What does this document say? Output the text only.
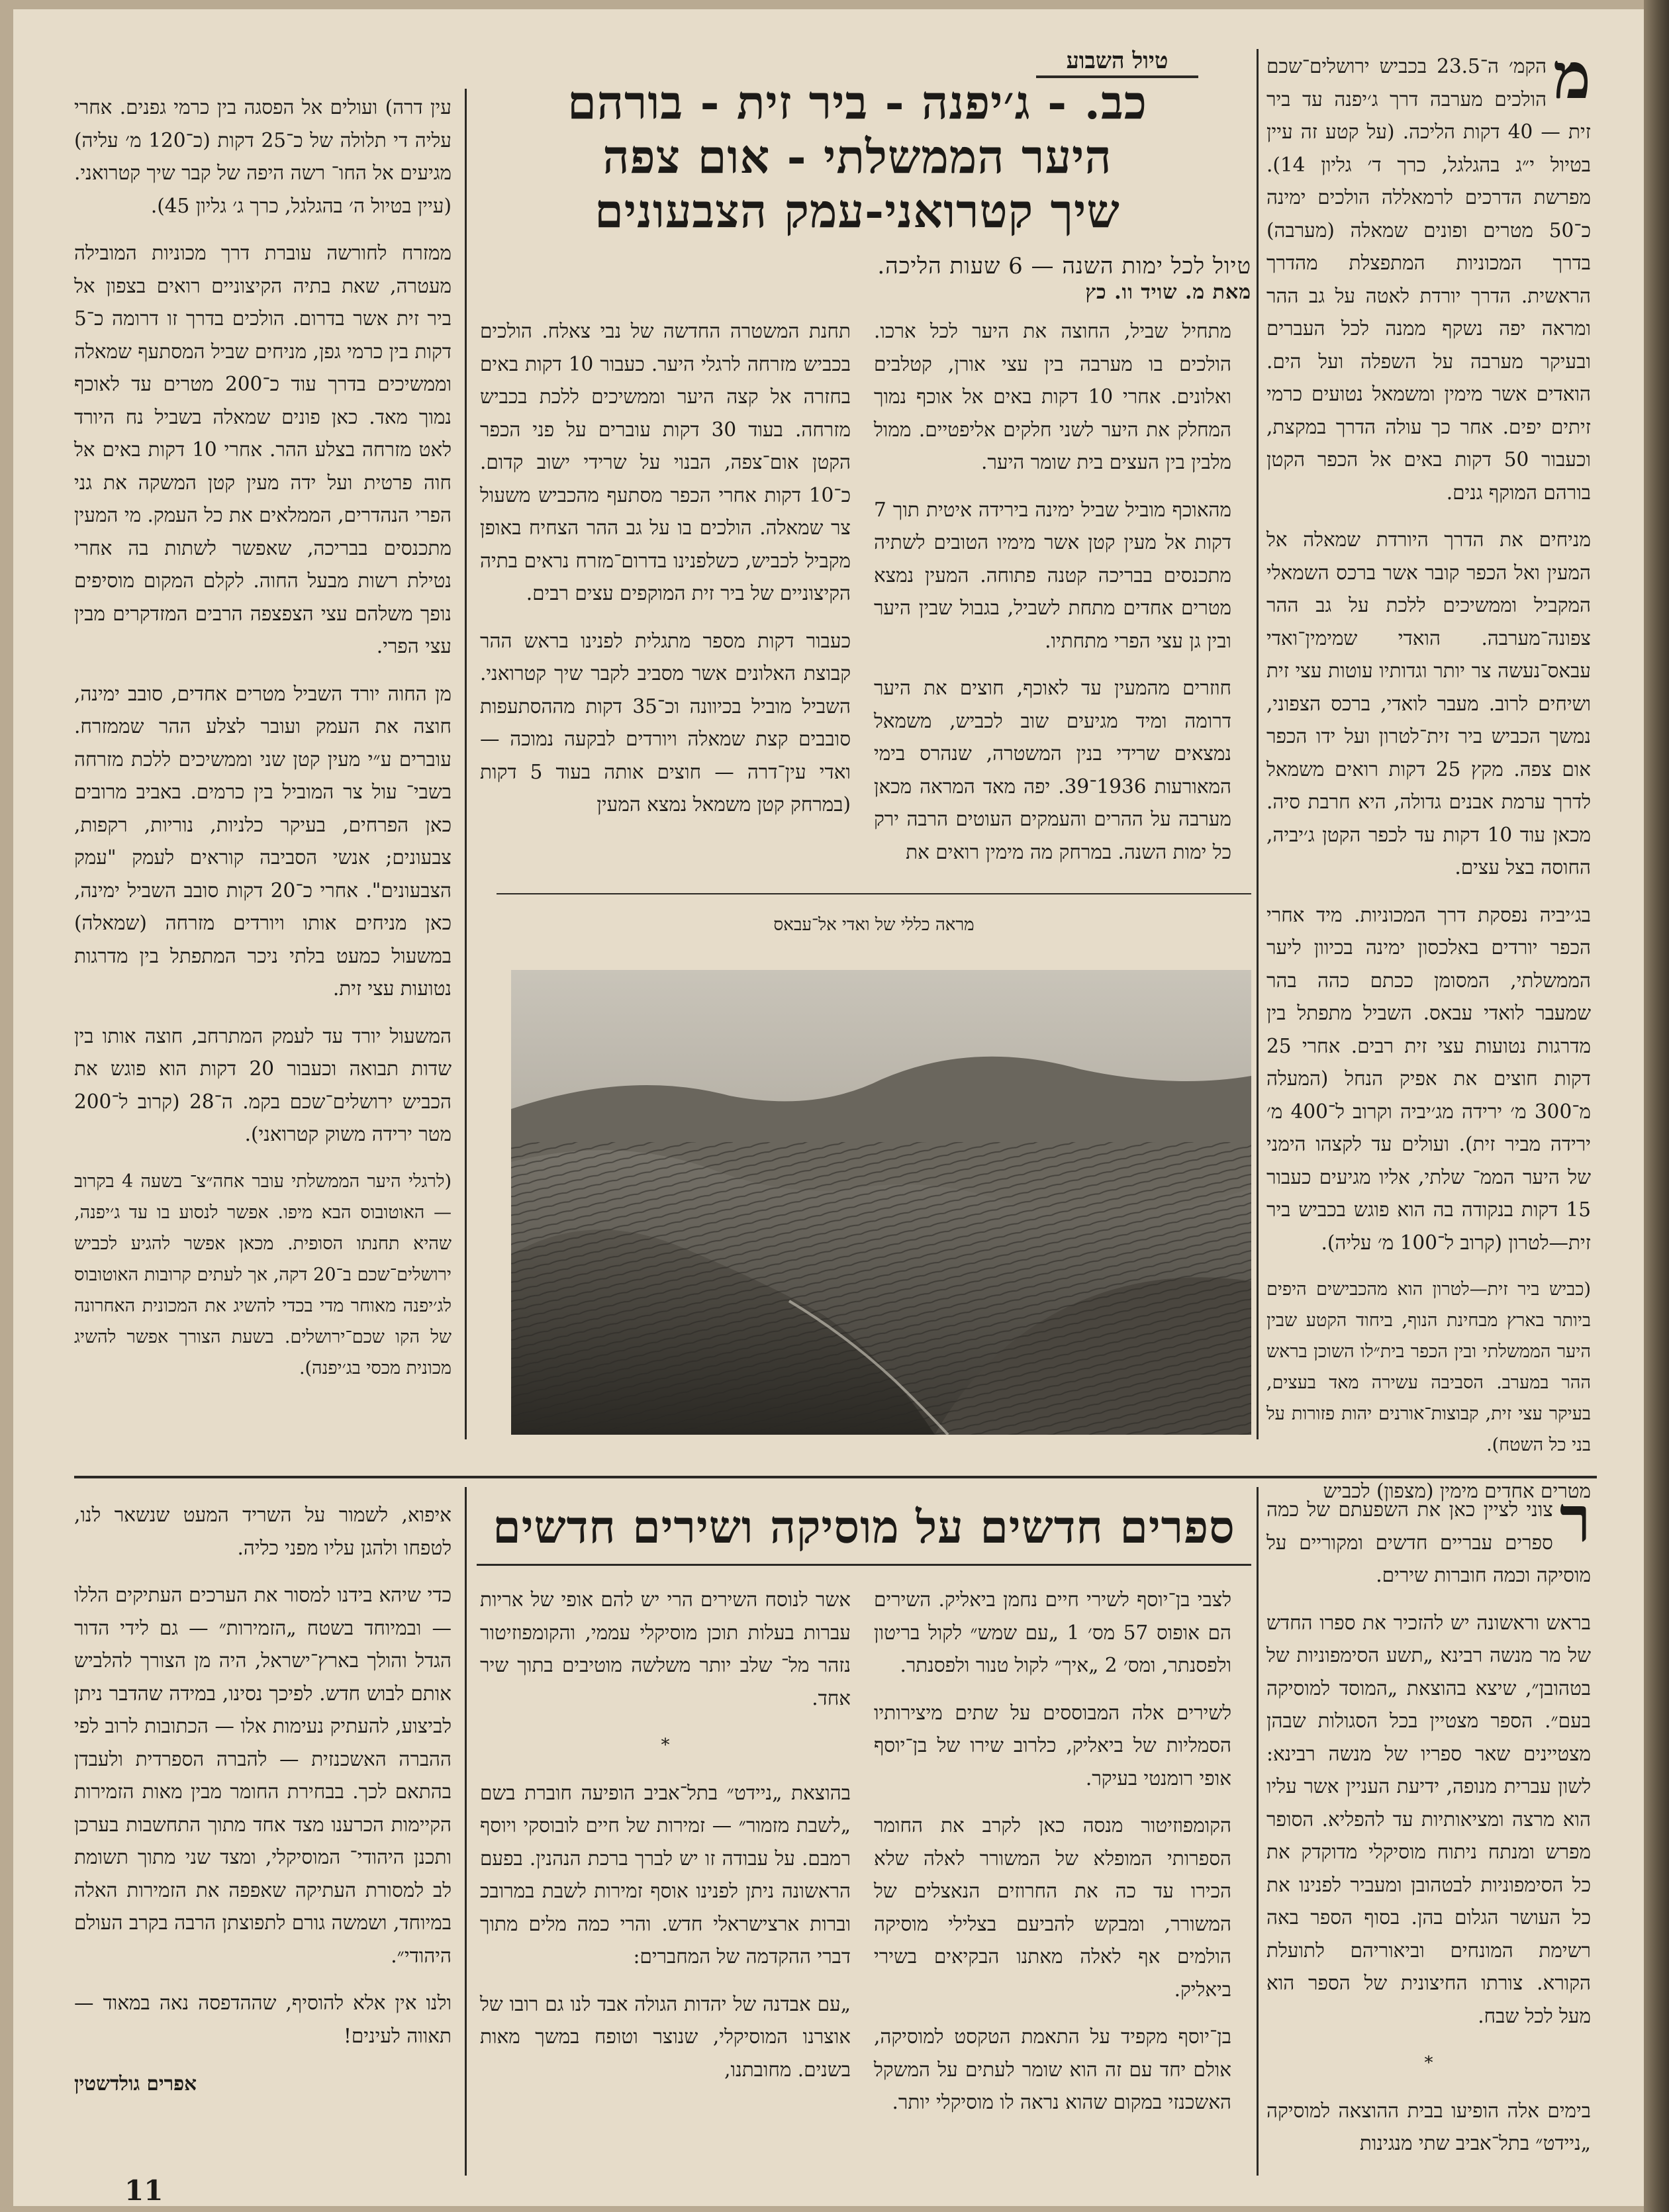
טיול השבוע
כב. - ג׳יפנה - ביר זית - בורהם
היער הממשלתי - אום צפה
שיך קטרואני-עמק הצבעונים
טיול לכל ימות השנה — 6 שעות הליכה.
מאת מ. שויד וו. כץ

מ
הקמ׳ ה־23.5 בכביש ירושלים־שכם הולכים מערבה דרך ג׳יפנה עד ביר זית — 40 דקות הליכה. (על קטע זה עיין בטיול י״ג בהגלגל, כרך ד׳ גליון 14). מפרשת הדרכים לרמאללה הולכים ימינה כ־50 מטרים ופונים שמאלה (מערבה) בדרך המכוניות המתפצלת מהדרך הראשית. הדרך יורדת לאטה על גב ההר ומראה יפה נשקף ממנה לכל העברים ובעיקר מערבה על השפלה ועל הים. הואדים אשר מימין ומשמאל נטועים כרמי זיתים יפים. אחר כך עולה הדרך במקצת, וכעבור 50 דקות באים אל הכפר הקטן בורהם המוקף גנים.

מניחים את הדרך היורדת שמאלה אל המעין ואל הכפר קובר אשר ברכס השמאלי המקביל וממשיכים ללכת על גב ההר צפונה־מערבה. הואדי שמימין־ואדי עבאס־נעשה צר יותר וגדותיו עוטות עצי זית ושיחים לרוב. מעבר לואדי, ברכס הצפוני, נמשך הכביש ביר זית־לטרון ועל ידו הכפר אום צפה. מקץ 25 דקות רואים משמאל לדרך ערמת אבנים גדולה, היא חרבת סיה. מכאן עוד 10 דקות עד לכפר הקטן ג׳יביה, החוסה בצל עצים.

בג׳יביה נפסקת דרך המכוניות. מיד אחרי הכפר יורדים באלכסון ימינה בכיוון ליער הממשלתי, המסומן ככתם כהה בהר שמעבר לואדי עבאס. השביל מתפתל בין מדרגות נטועות עצי זית רבים. אחרי 25 דקות חוצים את אפיק הנחל (המעלה מ־300 מ׳ ירידה מג׳יביה וקרוב ל־400 מ׳ ירידה מביר זית). ועולים עד לקצהו הימני של היער הממ־ שלתי, אליו מגיעים כעבור 15 דקות בנקודה בה הוא פוגש בכביש ביר זית—לטרון (קרוב ל־100 מ׳ עליה).

(כביש ביר זית—לטרון הוא מהכבישים היפים ביותר בארץ מבחינת הנוף, ביחוד הקטע שבין היער הממשלתי ובין הכפר בית״לו השוכן בראש ההר במערב. הסביבה עשירה מאד בעצים, בעיקר עצי זית, קבוצות־אורנים יהות פזורות על בני כל השטח).

מטרים אחדים מימין (מצפון) לכביש

מתחיל שביל, החוצה את היער לכל ארכו. הולכים בו מערבה בין עצי אורן, קטלבים ואלונים. אחרי 10 דקות באים אל אוכף נמוך המחלק את היער לשני חלקים אליפטיים. ממול מלבין בין העצים בית שומר היער.

מהאוכף מוביל שביל ימינה בירידה איטית תוך 7 דקות אל מעין קטן אשר מימיו הטובים לשתיה מתכנסים בבריכה קטנה פתוחה. המעין נמצא מטרים אחדים מתחת לשביל, בגבול שבין היער ובין גן עצי הפרי מתחתיו.

חוזרים מהמעין עד לאוכף, חוצים את היער דרומה ומיד מגיעים שוב לכביש, משמאל נמצאים שרידי בנין המשטרה, שנהרס בימי המאורעות 1936־39. יפה מאד המראה מכאן מערבה על ההרים והעמקים העוטים הרבה ירק כל ימות השנה. במרחק מה מימין רואים את

תחנת המשטרה החדשה של נבי צאלח. הולכים בכביש מזרחה לרגלי היער. כעבור 10 דקות באים בחזרה אל קצה היער וממשיכים ללכת בכביש מזרחה. בעוד 30 דקות עוברים על פני הכפר הקטן אום־צפה, הבנוי על שרידי ישוב קדום. כ־10 דקות אחרי הכפר מסתעף מהכביש משעול צר שמאלה. הולכים בו על גב ההר הצחיח באופן מקביל לכביש, כשלפנינו בדרום־מזרח נראים בתיה הקיצוניים של ביר זית המוקפים עצים רבים.

כעבור דקות מספר מתגלית לפנינו בראש ההר קבוצת האלונים אשר מסביב לקבר שיך קטרואני. השביל מוביל בכיוונה וכ־35 דקות מההסתעפות סובבים קצת שמאלה ויורדים לבקעה נמוכה — ואדי עין־דרה — חוצים אותה בעוד 5 דקות (במרחק קטן משמאל נמצא המעין

עין דרה) ועולים אל הפסגה בין כרמי גפנים. אחרי עליה די תלולה של כ־25 דקות (כ־120 מ׳ עליה) מגיעים אל החו־ רשה היפה של קבר שיך קטרואני. (עיין בטיול ה׳ בהגלגל, כרך ג׳ גליון 45).

ממזרח לחורשה עוברת דרך מכוניות המובילה מעטרה, שאת בתיה הקיצוניים רואים בצפון אל ביר זית אשר בדרום. הולכים בדרך זו דרומה כ־5 דקות בין כרמי גפן, מניחים שביל המסתעף שמאלה וממשיכים בדרך עוד כ־200 מטרים עד לאוכף נמוך מאד. כאן פונים שמאלה בשביל נח היורד לאט מזרחה בצלע ההר. אחרי 10 דקות באים אל חוה פרטית ועל ידה מעין קטן המשקה את גני הפרי הנהדרים, הממלאים את כל העמק. מי המעין מתכנסים בבריכה, שאפשר לשתות בה אחרי נטילת רשות מבעל החוה. לקלם המקום מוסיפים נופך משלהם עצי הצפצפה הרבים המזדקרים מבין עצי הפרי.

מן החוה יורד השביל מטרים אחדים, סובב ימינה, חוצה את העמק ועובר לצלע ההר שממזרח. עוברים ע״י מעין קטן שני וממשיכים ללכת מזרחה בשבי־ עול צר המוביל בין כרמים. באביב מרובים כאן הפרחים, בעיקר כלניות, נוריות, רקפות, צבעונים; אנשי הסביבה קוראים לעמק "עמק הצבעונים". אחרי כ־20 דקות סובב השביל ימינה, כאן מניחים אותו ויורדים מזרחה (שמאלה) במשעול כמעט בלתי ניכר המתפתל בין מדרגות נטועות עצי זית.

המשעול יורד עד לעמק המתרחב, חוצה אותו בין שדות תבואה וכעבור 20 דקות הוא פוגש את הכביש ירושלים־שכם בקמ. ה־28 (קרוב ל־200 מטר ירידה משוק קטרואני).

(לרגלי היער הממשלתי עובר אחה״צ־ בשעה 4 בקרוב — האוטובוס הבא מיפו. אפשר לנסוע בו עד ג׳יפנה, שהיא תחנתו הסופית. מכאן אפשר להגיע לכביש ירושלים־שכם ב־20 דקה, אך לעתים קרובות האוטובוס לג׳יפנה מאוחר מדי בכדי להשיג את המכונית האחרונה של הקו שכם־ירושלים. בשעת הצורך אפשר להשיג מכונית מכסי בג׳יפנה).

מראה כללי של ואדי אל־עבאס
ספרים חדשים על מוסיקה ושירים חדשים	ר
צוני לציין כאן את השפעתם של כמה ספרים עבריים חדשים ומקוריים על מוסיקה וכמה חוברות שירים.

בראש וראשונה יש להזכיר את ספרו החדש של מר מנשה רבינא „תשע הסימפוניות של בטהובן״, שיצא בהוצאת „המוסד למוסיקה בעם״. הספר מצטיין בכל הסגולות שבהן מצטיינים שאר ספריו של מנשה רבינא: לשון עברית מנופה, ידיעת העניין אשר עליו הוא מרצה ומציאותיות עד להפליא. הסופר מפרש ומנתח ניתוח מוסיקלי מדוקדק את כל הסימפוניות לבטהובן ומעביר לפנינו את כל העושר הגלום בהן. בסוף הספר באה רשימת המונחים וביאוריהם לתועלת הקורא. צורתו החיצונית של הספר הוא מעל לכל שבח.

*

בימים אלה הופיעו בבית ההוצאה למוסיקה „ניידט״ בתל־אביב שתי מנגינות

לצבי בן־יוסף לשירי חיים נחמן ביאליק. השירים הם אופוס 57 מס׳ 1 „עם שמש״ לקול בריטון ולפסנתר, ומס׳ 2 „איך״ לקול טנור ולפסנתר.

לשירים אלה המבוססים על שתים מיצירותיו הסמליות של ביאליק, כלרוב שירו של בן־יוסף אופי רומנטי בעיקר.

הקומפוזיטור מנסה כאן לקרב את החומר הספרותי המופלא של המשורר לאלה שלא הכירו עד כה את החרוזים הנאצלים של המשורר, ומבקש להביעם בצלילי מוסיקה הולמים אף לאלה מאתנו הבקיאים בשירי ביאליק.

בן־יוסף מקפיד על התאמת הטקסט למוסיקה, אולם יחד עם זה הוא שומר לעתים על המשקל האשכנזי במקום שהוא נראה לו מוסיקלי יותר.

אשר לנוסח השירים הרי יש להם אופי של אריות עברות בעלות תוכן מוסיקלי עממי, והקומפוזיטור נזהר מל־ שלב יותר משלשה מוטיבים בתוך שיר אחד.

*

בהוצאת „ניידט״ בתל־אביב הופיעה חוברת בשם „לשבת מזמור״ — זמירות של חיים לובוסקי ויוסף רמבם. על עבודה זו יש לברך ברכת הנהנין. בפעם הראשונה ניתן לפנינו אוסף זמירות לשבת במרובכ וברות ארצישראלי חדש. והרי כמה מלים מתוך דברי ההקדמה של המחברים:

„עם אבדנה של יהדות הגולה אבד לנו גם רובו של אוצרנו המוסיקלי, שנוצר וטופח במשך מאות בשנים. מחובתנו,

איפוא, לשמור על השריד המעט שנשאר לנו, לטפחו ולהגן עליו מפני כליה.

כדי שיהא בידנו למסור את הערכים העתיקים הללו — ובמיוחד בשטח „הזמירות״ — גם לידי הדור הגדל והולך בארץ־ישראל, היה מן הצורך להלביש אותם לבוש חדש. לפיכך נסינו, במידה שהדבר ניתן לביצוע, להעתיק נעימות אלו — הכתובות לרוב לפי ההברה האשכנזית — להברה הספרדית ולעבדן בהתאם לכך. בבחירת החומר מבין מאות הזמירות הקיימות הכרענו מצד אחד מתוך התחשבות בערכן ותכנן היהודי־ המוסיקלי, ומצד שני מתוך תשומת לב למסורת העתיקה שאפפה את הזמירות האלה במיוחד, ושמשה גורם לתפוצתן הרבה בקרב העולם היהודי״.

ולנו אין אלא להוסיף, שההדפסה נאה במאוד — תאווה לעינים!

אפרים גולדשטין

11
